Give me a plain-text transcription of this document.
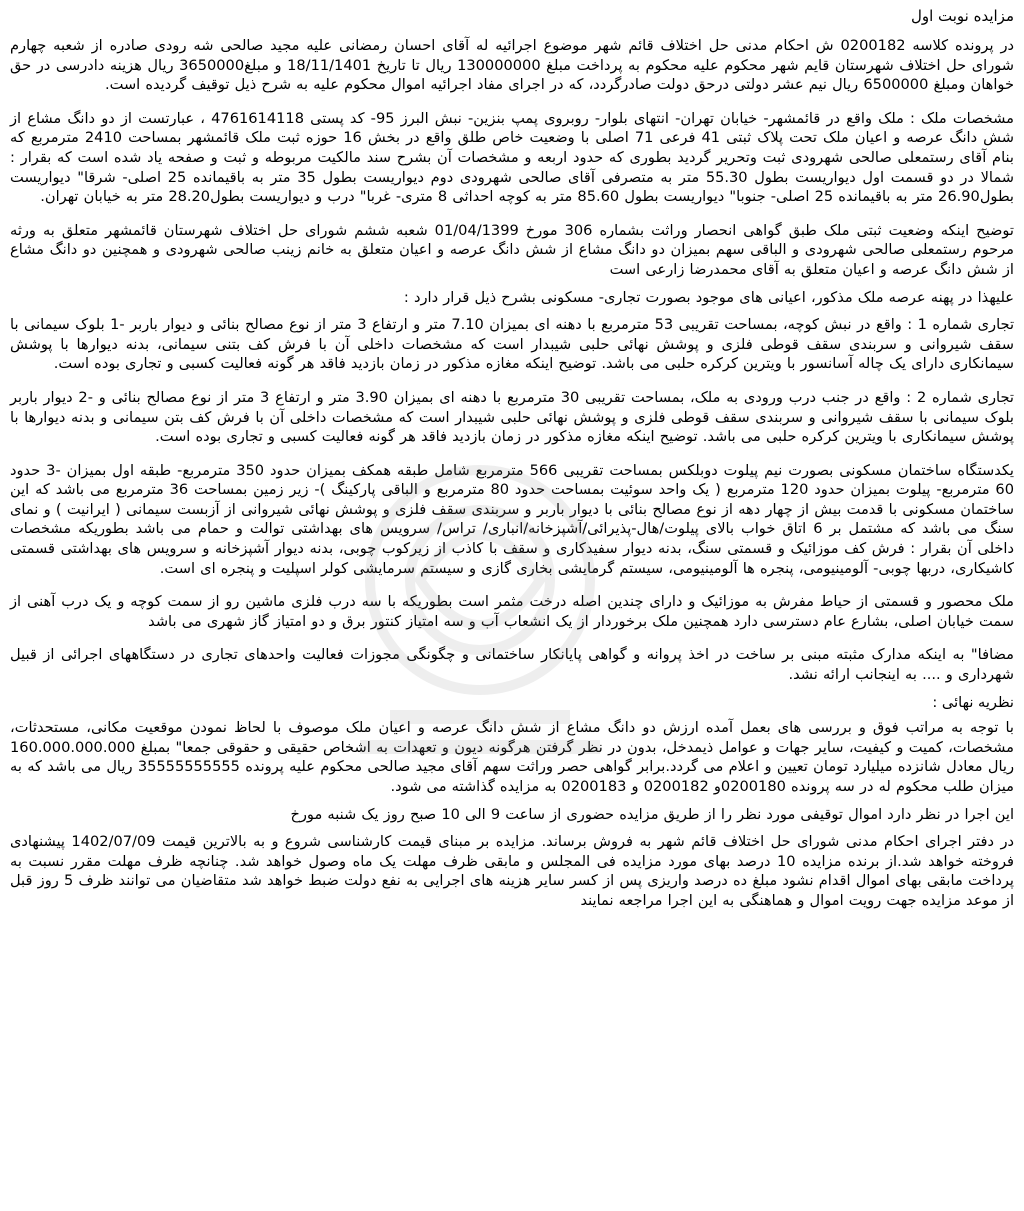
مزایده نوبت اول

در پرونده کلاسه 0200182 ش احکام مدنی حل اختلاف قائم شهر موضوع اجرائیه له آقای احسان رمضانی علیه مجید صالحی شه رودی صادره از شعبه چهارم شورای حل اختلاف شهرستان قایم شهر محکوم علیه محکوم به پرداخت مبلغ 130000000 ریال تا تاریخ 18/11/1401 و مبلغ3650000 ریال هزینه دادرسی در حق خواهان ومبلغ 6500000 ریال نیم عشر دولتی درحق دولت صادرگردد، که در اجرای مفاد اجرائیه اموال محکوم علیه به شرح ذیل توقیف گردیده است.

مشخصات ملک : ملک واقع در قائمشهر- خیابان تهران- انتهای بلوار- روبروی پمپ بنزین- نبش البرز 95- کد پستی 4761614118 ، عبارتست از دو دانگ مشاع از شش دانگ عرصه و اعیان ملک تحت پلاک ثبتی 41 فرعی 71 اصلی با وضعیت خاص طلق واقع در بخش 16 حوزه ثبت ملک قائمشهر بمساحت 2410 مترمربع که بنام آقای رستمعلی صالحی شهرودی ثبت وتحریر گردید بطوری که حدود اربعه و مشخصات آن بشرح سند مالکیت مربوطه و ثبت و صفحه یاد شده است که بقرار : شمالا در دو قسمت اول دیواریست بطول 55.30 متر به متصرفی آقای صالحی شهرودی دوم دیواریست بطول 35 متر به باقیمانده 25 اصلی- شرقا" دیواریست بطول26.90 متر به باقیمانده 25 اصلی- جنوبا" دیواریست بطول 85.60 متر به کوچه احداثی 8 متری- غربا" درب و دیواریست بطول28.20 متر به خیابان تهران.

توضیح اینکه وضعیت ثبتی ملک طبق گواهی انحصار وراثت بشماره 306 مورخ 01/04/1399 شعبه ششم شورای حل اختلاف شهرستان قائمشهر متعلق به ورثه مرحوم رستمعلی صالحی شهرودی و الباقی سهم بمیزان دو دانگ مشاع از شش دانگ عرصه و اعیان متعلق به خانم زینب صالحی شهرودی و همچنین دو دانگ مشاع از شش دانگ عرصه و اعیان متعلق به آقای محمدرضا زارعی است

علیهذا در پهنه عرصه ملک مذکور، اعیانی های موجود بصورت تجاری- مسکونی بشرح ذیل قرار دارد :

تجاری شماره 1 : واقع در نبش کوچه، بمساحت تقریبی 53 مترمربع با دهنه ای بمیزان 7.10 متر و ارتفاع 3 متر از نوع مصالح بنائی و دیوار باربر -1 بلوک سیمانی با سقف شیروانی و سربندی سقف قوطی فلزی و پوشش نهائی حلبی شیبدار است که مشخصات داخلی آن با فرش کف بتنی سیمانی، بدنه دیوارها با پوشش سیمانکاری دارای یک چاله آسانسور با ویترین کرکره حلبی می باشد. توضیح اینکه مغازه مذکور در زمان بازدید فاقد هر گونه فعالیت کسبی و تجاری بوده است.

تجاری شماره 2 : واقع در جنب درب ورودی به ملک، بمساحت تقریبی 30 مترمربع با دهنه ای بمیزان 3.90 متر و ارتفاع 3 متر از نوع مصالح بنائی و -2 دیوار باربر بلوک سیمانی با سقف شیروانی و سربندی سقف قوطی فلزی و پوشش نهائی حلبی شیبدار است که مشخصات داخلی آن با فرش کف بتن سیمانی و بدنه دیوارها با پوشش سیمانکاری با ویترین کرکره حلبی می باشد. توضیح اینکه مغازه مذکور در زمان بازدید فاقد هر گونه فعالیت کسبی و تجاری بوده است.

یکدستگاه ساختمان مسکونی بصورت نیم پیلوت دوبلکس بمساحت تقریبی 566 مترمربع شامل طبقه همکف بمیزان حدود 350 مترمربع- طبقه اول بمیزان -3 حدود 60 مترمربع- پیلوت بمیزان حدود 120 مترمربع ( یک واحد سوئیت بمساحت حدود 80 مترمربع و الباقی پارکینگ )- زیر زمین بمساحت 36 مترمربع می باشد که این ساختمان مسکونی با قدمت بیش از چهار دهه از نوع مصالح بنائی با دیوار باربر و سربندی سقف فلزی و پوشش نهائی شیروانی از آزبست سیمانی ( ایرانیت ) و نمای سنگ می باشد که مشتمل بر 6 اتاق خواب بالای پیلوت/هال-پذیرائی/آشپزخانه/انباری/ تراس/ سرویس های بهداشتی توالت و حمام می باشد بطوریکه مشخصات داخلی آن بقرار : فرش کف موزائیک و قسمتی سنگ، بدنه دیوار سفیدکاری و سقف با کاذب از زیرکوب چوبی، بدنه دیوار آشپزخانه و سرویس های بهداشتی قسمتی کاشیکاری، دربها چوبی- آلومینیومی، پنجره ها آلومینیومی، سیستم گرمایشی بخاری گازی و سیستم سرمایشی کولر اسپلیت و پنجره ای است.

ملک محصور و قسمتی از حیاط مفرش به موزائیک و دارای چندین اصله درخت مثمر است بطوریکه با سه درب فلزی ماشین رو از سمت کوچه و یک درب آهنی از سمت خیابان اصلی، بشارع عام دسترسی دارد همچنین ملک برخوردار از یک انشعاب آب و سه امتیاز کنتور برق و دو امتیاز گاز شهری می باشد

مضافا" به اینکه مدارک مثبته مبنی بر ساخت در اخذ پروانه و گواهی پایانکار ساختمانی و چگونگی مجوزات فعالیت واحدهای تجاری در دستگاههای اجرائی از قبیل شهرداری و .... به اینجانب ارائه نشد.

نظریه نهائی :

با توجه به مراتب فوق و بررسی های بعمل آمده ارزش دو دانگ مشاع از شش دانگ عرصه و اعیان ملک موصوف با لحاظ نمودن موقعیت مکانی، مستحدثات، مشخصات، کمیت و کیفیت، سایر جهات و عوامل ذیمدخل، بدون در نظر گرفتن هرگونه دیون و تعهدات به اشخاص حقیقی و حقوقی جمعا" بمبلغ 160.000.000.000 ریال معادل شانزده میلیارد تومان تعیین و اعلام می گردد.برابر گواهی حصر وراثت سهم آقای مجید صالحی محکوم علیه پرونده 35555555555 ریال می باشد که به میزان طلب محکوم له در سه پرونده 0200180و 0200182 و 0200183 به مزایده گذاشته می شود.

این اجرا در نظر دارد اموال توقیفی مورد نظر را از طریق مزایده حضوری از ساعت 9 الی 10 صبح روز یک شنبه مورخ

در دفتر اجرای احکام مدنی شورای حل اختلاف قائم شهر به فروش برساند. مزایده بر مبنای قیمت کارشناسی شروع و به بالاترین قیمت 1402/07/09 پیشنهادی فروخته خواهد شد.از برنده مزایده 10 درصد بهای مورد مزایده فی المجلس و مابقی ظرف مهلت یک ماه وصول خواهد شد. چنانچه ظرف مهلت مقرر نسبت به پرداخت مابقی بهای اموال اقدام نشود مبلغ ده درصد واریزی پس از کسر سایر هزینه های اجرایی به نفع دولت ضبط خواهد شد متقاضیان می توانند ظرف 5 روز قبل از موعد مزایده جهت رویت اموال و هماهنگی به این اجرا مراجعه نمایند
